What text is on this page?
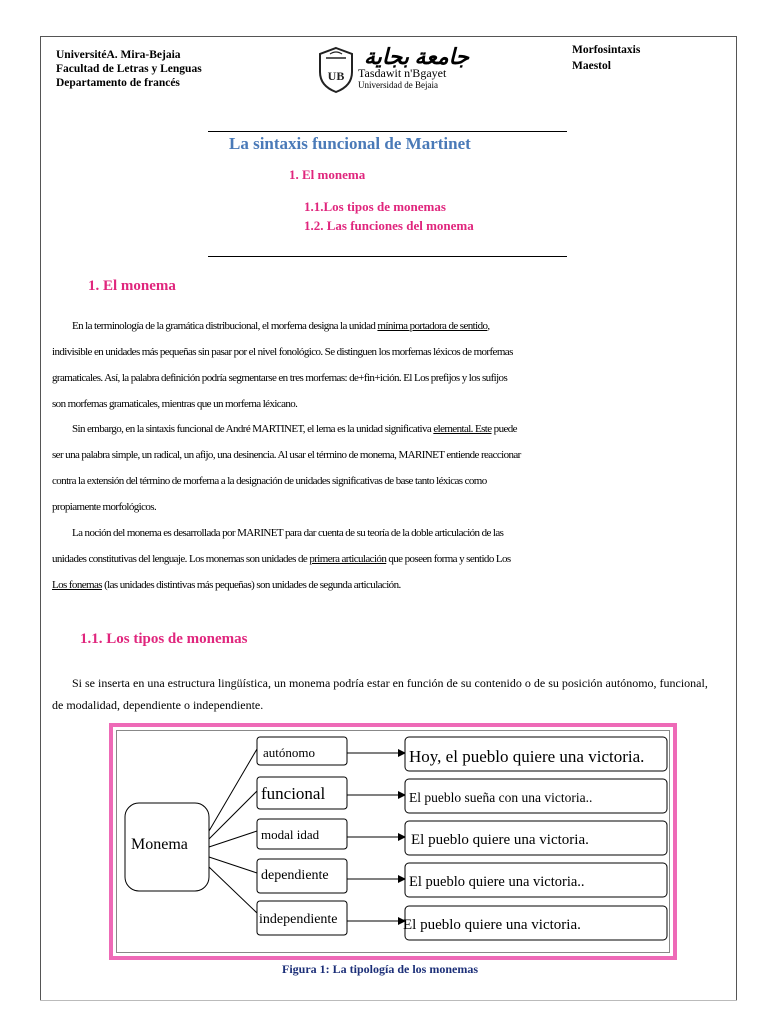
UniversitéA. Mira-Bejaia
Facultad de Letras y Lenguas
Departamento de francés	UB
جامعة بجاية
Tasdawit n'Bgayet
Universidad de Bejaia
Morfosintaxis
Maestol
La sintaxis funcional de Martinet
1. El monema
1.1.Los tipos de monemas
1.2. Las funciones del monema
1. El monema
En la terminología de la gramática distribucional, el morfema designa la unidad mínima portadora de sentido, indivisible en unidades más pequeñas sin pasar por el nivel fonológico. Se distinguen los morfemas léxicos de morfemas gramaticales. Así, la palabra definición podría segmentarse en tres morfemas: de+fin+ición. El Los prefijos y los sufijos son morfemas gramaticales, mientras que un morfema léxicano.
Sin embargo, en la sintaxis funcional de André MARTINET, el lema es la unidad significativa elemental. Este puede ser una palabra simple, un radical, un afijo, una desinencia. Al usar el término de monema, MARINET entiende reaccionar contra la extensión del término de morfema a la designación de unidades significativas de base tanto léxicas como propiamente morfológicos.
La noción del monema es desarrollada por MARINET para dar cuenta de su teoría de la doble articulación de las unidades constitutivas del lenguaje. Los monemas son unidades de primera articulación que poseen forma y sentido Los Los fonemas (las unidades distintivas más pequeñas) son unidades de segunda articulación.
1.1. Los tipos de monemas
Si se inserta en una estructura lingüística, un monema podría estar en función de su contenido o de su posición autónomo, funcional, de modalidad, dependiente o independiente.
Monema
autónomo
funcional
modal idad
dependiente
independiente
Hoy, el pueblo quiere una victoria.
El pueblo sueña con una victoria..
El pueblo quiere una victoria.
El pueblo quiere una victoria..
El pueblo quiere una victoria.
Figura 1: La tipología de los monemas
